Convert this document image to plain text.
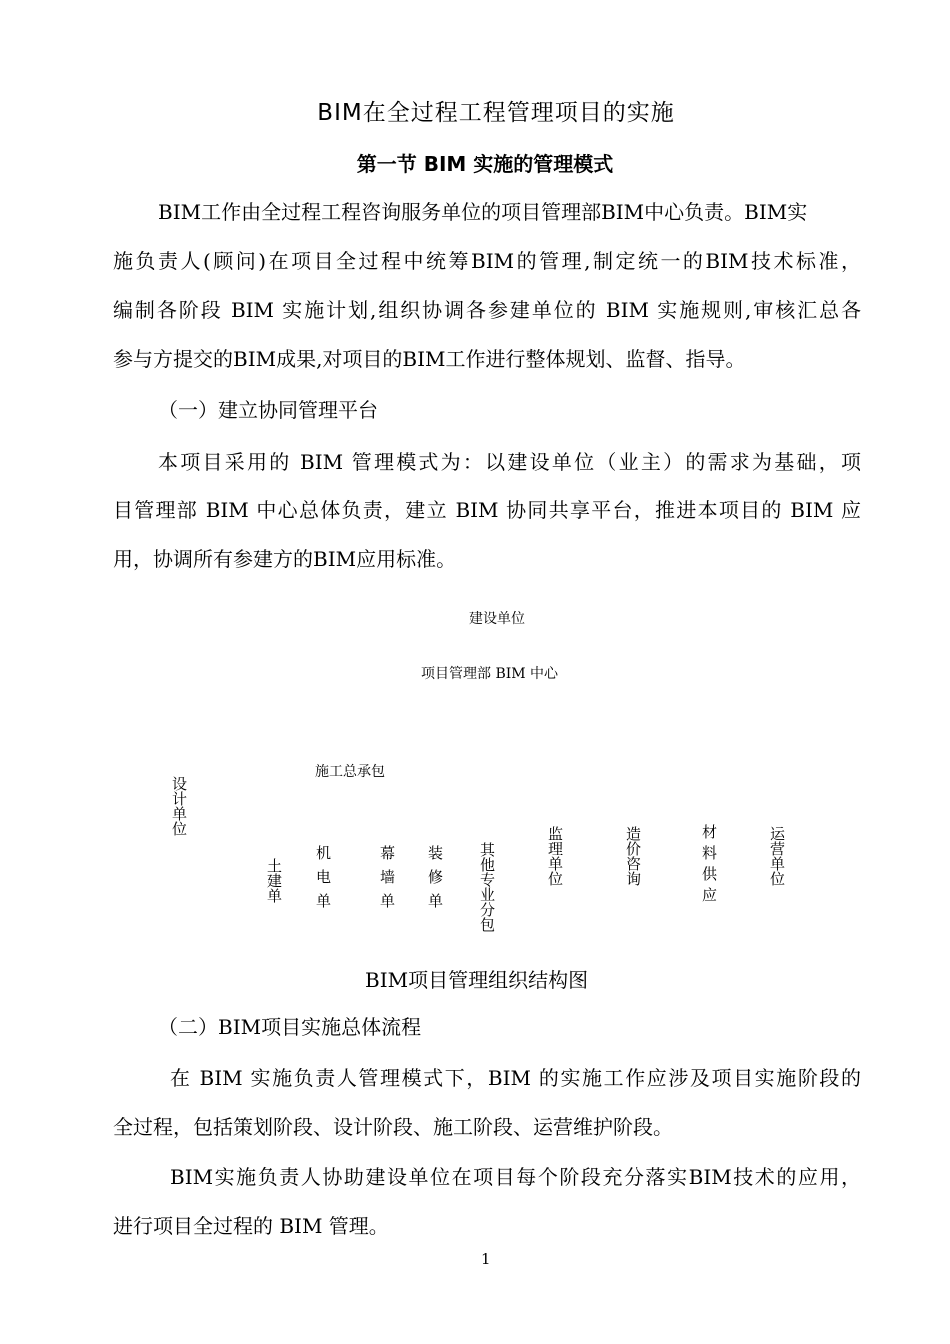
BIM在全过程工程管理项目的实施
第一节 BIM 实施的管理模式
BIM工作由全过程工程咨询服务单位的项目管理部BIM中心负责。BIM实
施负责人(顾问)在项目全过程中统筹BIM的管理,制定统一的BIM技术标准，
编制各阶段 BIM 实施计划,组织协调各参建单位的 BIM 实施规则,审核汇总各
参与方提交的BIM成果,对项目的BIM工作进行整体规划、监督、指导。
（一）建立协同管理平台
本项目采用的 BIM 管理模式为：以建设单位（业主）的需求为基础，项
目管理部 BIM 中心总体负责，建立 BIM 协同共享平台，推进本项目的 BIM 应
用，协调所有参建方的BIM应用标准。
建设单位
项目管理部 BIM 中心
施工总承包
设计单位
土建单 机电单	幕墙单 装修单 其他专业分包	监理单位	造价咨询	材料供应	运营单位
BIM项目管理组织结构图
（二）BIM项目实施总体流程
在 BIM 实施负责人管理模式下，BIM 的实施工作应涉及项目实施阶段的
全过程，包括策划阶段、设计阶段、施工阶段、运营维护阶段。
BIM实施负责人协助建设单位在项目每个阶段充分落实BIM技术的应用，
进行项目全过程的 BIM 管理。
1
